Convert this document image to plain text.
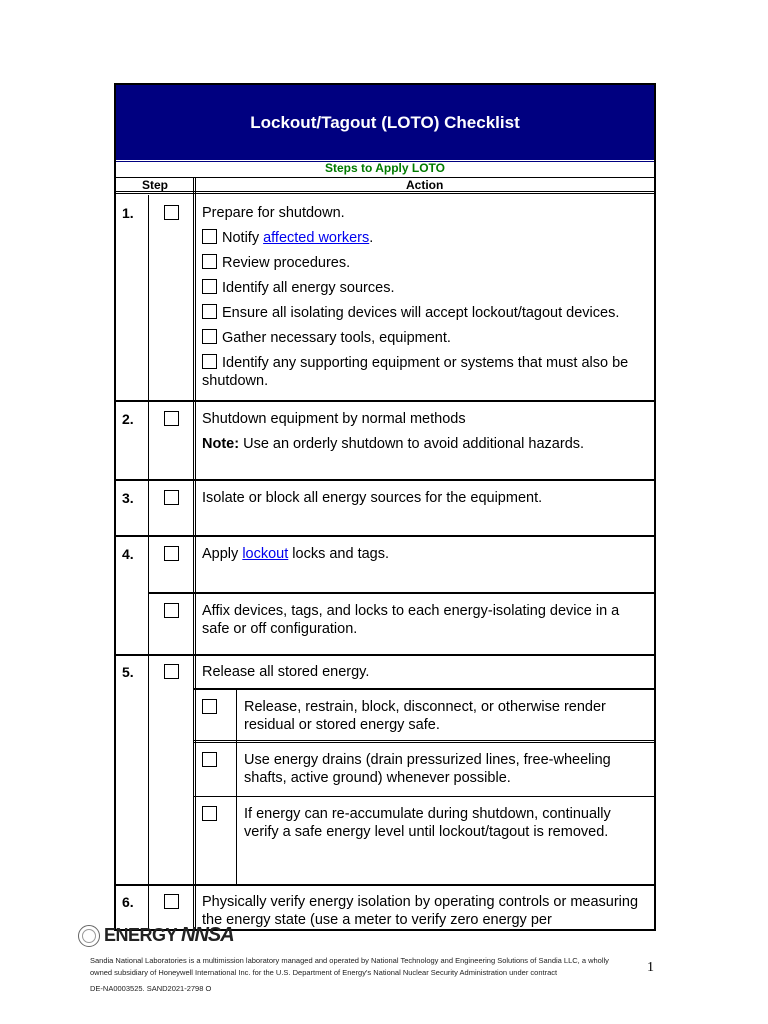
Lockout/Tagout (LOTO) Checklist
Steps to Apply LOTO
Step	Action
1.	Prepare for shutdown.
Notify affected workers.
Review procedures.
Identify all energy sources.
Ensure all isolating devices will accept lockout/tagout devices.
Gather necessary tools, equipment.
Identify any supporting equipment or systems that must also be shutdown.
2.	Shutdown equipment by normal methods
Note: Use an orderly shutdown to avoid additional hazards.
3.	Isolate or block all energy sources for the equipment.
4.	Apply lockout locks and tags.
Affix devices, tags, and locks to each energy-isolating device in a safe or off configuration.
5.	Release all stored energy.
Release, restrain, block, disconnect, or otherwise render residual or stored energy safe.
Use energy drains (drain pressurized lines, free-wheeling shafts, active ground) whenever possible.
If energy can re-accumulate during shutdown, continually verify a safe energy level until lockout/tagout is removed.
6.	Physically verify energy isolation by operating controls or measuring the energy state (use a meter to verify zero energy per
ENERGY NNSA
Sandia National Laboratories is a multimission laboratory managed and operated by National Technology and Engineering Solutions of Sandia LLC, a wholly owned subsidiary of Honeywell International Inc. for the U.S. Department of Energy's National Nuclear Security Administration under contract
DE-NA0003525. SAND2021-2798 O
1
